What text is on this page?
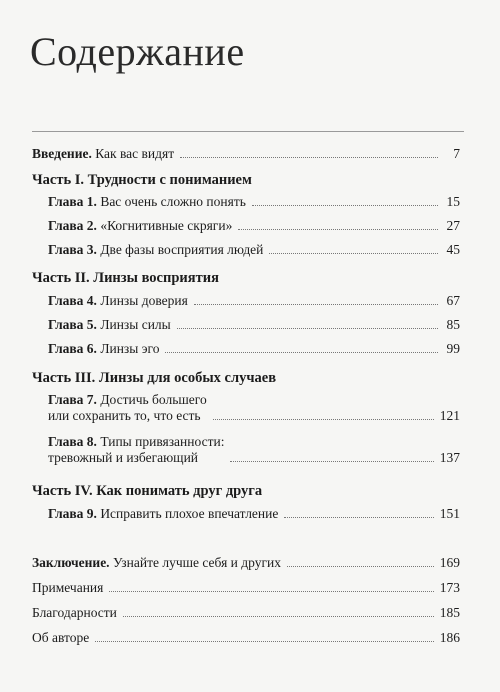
Содержание
Введение. Как вас видят	7
Часть I. Трудности с пониманием
Глава 1. Вас очень сложно понять	15
Глава 2. «Когнитивные скряги»	27
Глава 3. Две фазы восприятия людей	45
Часть II. Линзы восприятия
Глава 4. Линзы доверия	67
Глава 5. Линзы силы	85
Глава 6. Линзы эго	99
Часть III. Линзы для особых случаев
Глава 7. Достичь большего
или сохранить то, что есть	121
Глава 8. Типы привязанности:
тревожный и избегающий	137
Часть IV. Как понимать друг друга
Глава 9. Исправить плохое впечатление	151
Заключение. Узнайте лучше себя и других	169
Примечания	173
Благодарности	185
Об авторе	186
